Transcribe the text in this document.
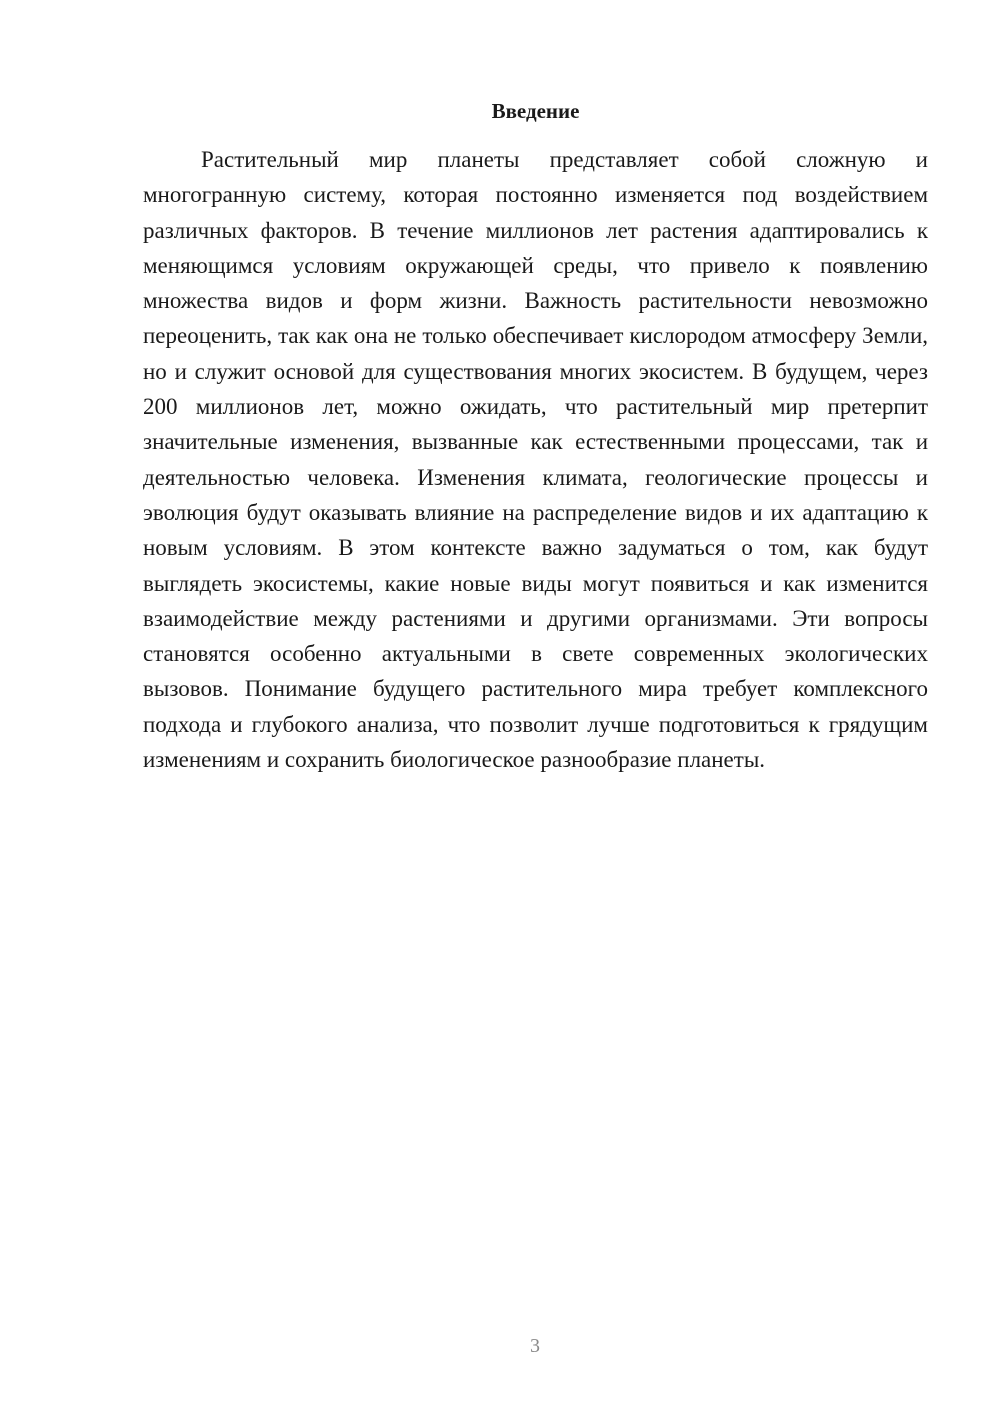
Введение

Растительный мир планеты представляет собой сложную и многогранную систему, которая постоянно изменяется под воздействием различных факторов. В течение миллионов лет растения адаптировались к меняющимся условиям окружающей среды, что привело к появлению множества видов и форм жизни. Важность растительности невозможно переоценить, так как она не только обеспечивает кислородом атмосферу Земли, но и служит основой для существования многих экосистем. В будущем, через 200 миллионов лет, можно ожидать, что растительный мир претерпит значительные изменения, вызванные как естественными процессами, так и деятельностью человека. Изменения климата, геологические процессы и эволюция будут оказывать влияние на распределение видов и их адаптацию к новым условиям. В этом контексте важно задуматься о том, как будут выглядеть экосистемы, какие новые виды могут появиться и как изменится взаимодействие между растениями и другими организмами. Эти вопросы становятся особенно актуальными в свете современных экологических вызовов. Понимание будущего растительного мира требует комплексного подхода и глубокого анализа, что позволит лучше подготовиться к грядущим изменениям и сохранить биологическое разнообразие планеты.

3
